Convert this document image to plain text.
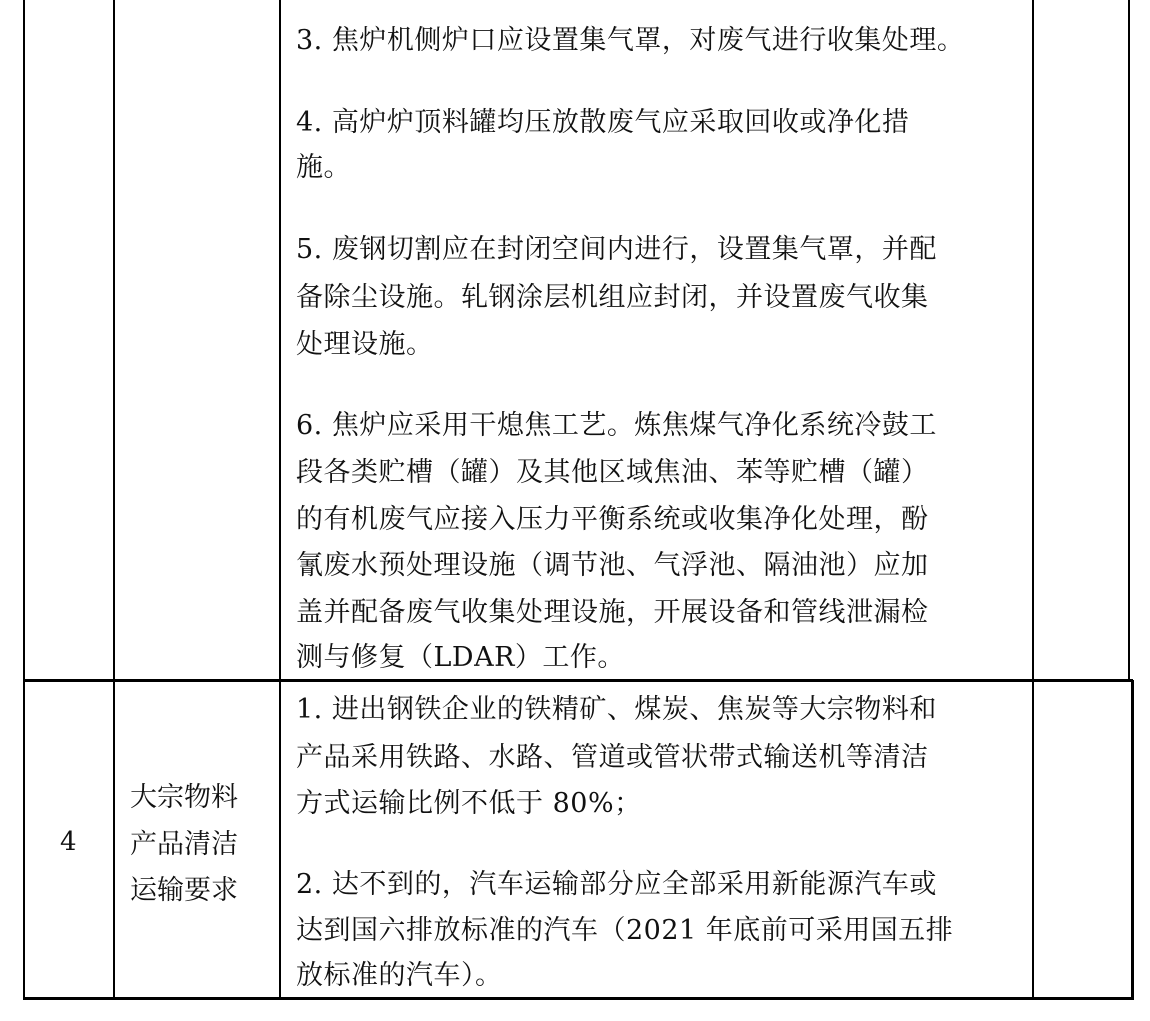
3. 焦炉机侧炉口应设置集气罩，对废气进行收集处理。
4. 高炉炉顶料罐均压放散废气应采取回收或净化措
施。
5. 废钢切割应在封闭空间内进行，设置集气罩，并配
备除尘设施。轧钢涂层机组应封闭，并设置废气收集
处理设施。
6. 焦炉应采用干熄焦工艺。炼焦煤气净化系统冷鼓工
段各类贮槽（罐）及其他区域焦油、苯等贮槽（罐）
的有机废气应接入压力平衡系统或收集净化处理，酚
氰废水预处理设施（调节池、气浮池、隔油池）应加
盖并配备废气收集处理设施，开展设备和管线泄漏检
测与修复（LDAR）工作。
4
大宗物料
产品清洁
运输要求
1. 进出钢铁企业的铁精矿、煤炭、焦炭等大宗物料和
产品采用铁路、水路、管道或管状带式输送机等清洁
方式运输比例不低于 80%；
2. 达不到的，汽车运输部分应全部采用新能源汽车或
达到国六排放标准的汽车（2021 年底前可采用国五排
放标准的汽车）。
